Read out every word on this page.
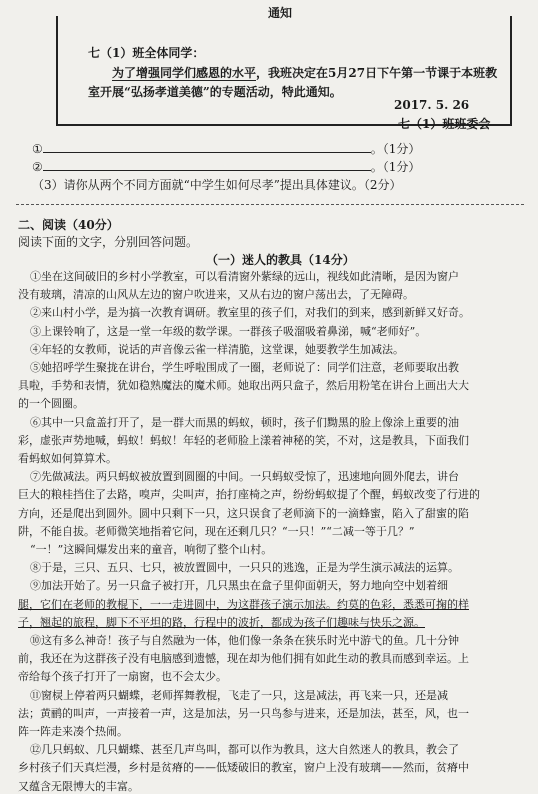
通知
七（1）班全体同学：
为了增强同学们感恩的水平，我班决定在5月27日下午第一节课于本班教
室开展“弘扬孝道美德”的专题活动，特此通知。
2017. 5. 26
七（1）班班委会
①	。（1分）
②	。（1分）
（3）请你从两个不同方面就“中学生如何尽孝”提出具体建议。（2分）
二、阅读（40分）
阅读下面的文字，分别回答问题。
（一）迷人的教具（14分）
①坐在这间破旧的乡村小学教室，可以看清窗外紫绿的远山，视线如此清晰，是因为窗户
没有玻璃，清凉的山风从左边的窗户吹进来，又从右边的窗户荡出去，了无障碍。
②来山村小学，是为搞一次教育调研。教室里的孩子们，对我们的到来，感到新鲜又好奇。
③上课铃响了，这是一堂一年级的数学课。一群孩子吸溜吸着鼻涕，喊“老师好”。
④年轻的女教师，说话的声音像云雀一样清脆，这堂课，她要教学生加减法。
⑤她招呼学生聚拢在讲台，学生呼啦围成了一圈，老师说了：同学们注意，老师要取出教
具啦，手势和表情，犹如稳熟魔法的魔术师。她取出两只盒子，然后用粉笔在讲台上画出大大
的一个圆圈。
⑥其中一只盒盖打开了，是一群大而黑的蚂蚁，顿时，孩子们黝黑的脸上像涂上重要的油
彩，虚张声势地喊，蚂蚁！蚂蚁！年轻的老师脸上漾着神秘的笑，不对，这是教具，下面我们
看蚂蚁如何算算术。
⑦先做减法。两只蚂蚁被放置到圆圈的中间。一只蚂蚁受惊了，迅速地向圆外爬去，讲台
巨大的粮桂挡住了去路，嗅声，尖叫声，抬打座椅之声，纷纷蚂蚁提了个醒，蚂蚁改变了行进的
方向，还是爬出到圆外。圆中只剩下一只，这只误食了老师滴下的一滴蜂蜜，陷入了甜蜜的陷
阱，不能自拔。老师微笑地指着它问，现在还剩几只？“一只！”“二减一等于几？”
“一！”这瞬间爆发出来的童音，响彻了整个山村。
⑧于是，三只、五只、七只，被放置圆中，一只只的逃逸，正是为学生演示减法的运算。
⑨加法开始了。另一只盒子被打开，几只黑虫在盒子里仰面朝天，努力地向空中划着细
腿，它们在老师的教棍下，一一走进圆中，为这群孩子演示加法。约莫的色彩，悉悉可掬的样
子，翘起的旅程，脚下不平坦的路，行程中的波折，都成为孩子们趣味与快乐之源。
⑩这有多么神奇！孩子与自然融为一体，他们像一条条在狭乐时光中游弋的鱼。几十分钟
前，我还在为这群孩子没有电脑感到遗憾，现在却为他们拥有如此生动的教具而感到幸运。上
帝给每个孩子打开了一扇窗，也不会太少。
⑪窗棂上停着两只蝴蝶，老师挥舞教棍，飞走了一只，这是减法，再飞来一只，还是减
法；黄鹂的叫声，一声接着一声，这是加法，另一只鸟参与进来，还是加法，甚至，风，也一
阵一阵走来凑个热闹。
⑫几只蚂蚁、几只蝴蝶、甚至几声鸟叫，都可以作为教具，这大自然迷人的教具，教会了
乡村孩子们天真烂漫，乡村是贫瘠的——低矮破旧的教室，窗户上没有玻璃——然而，贫瘠中
又蕴含无限博大的丰富。
